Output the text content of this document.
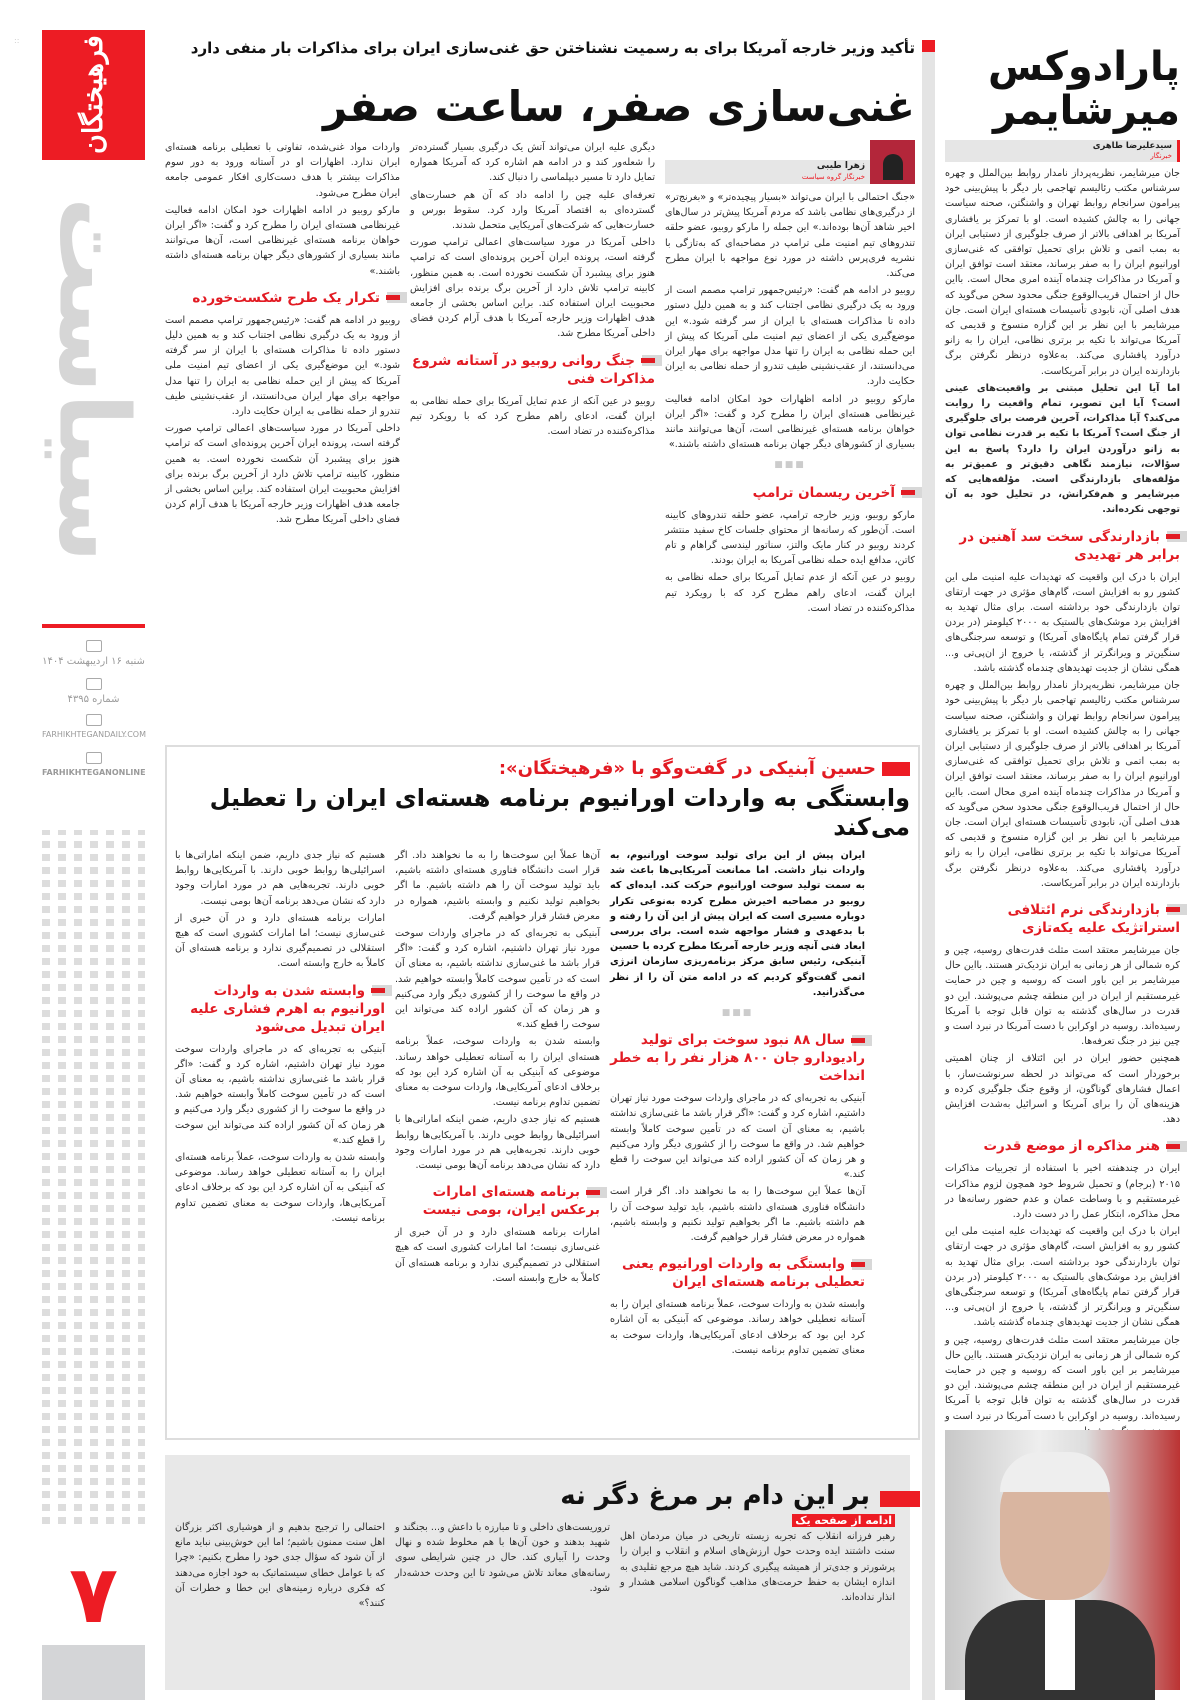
::	فرهیختگان
سیاست
شنبه ۱۶ اردیبهشت ۱۴۰۴
شماره ۴۳۹۵
FARHIKHTEGANDAILY.COM
FARHIKHTEGANONLINE
۷
تأکید وزیر خارجه آمریکا برای به رسمیت نشناختن حق غنی‌سازی ایران برای مذاکرات بار منفی دارد
غنی‌سازی صفر، ساعت صفر
زهرا طیبی
خبرنگار گروه سیاست

«جنگ احتمالی با ایران می‌تواند «بسیار پیچیده‌تر» و «بغرنج‌تر» از درگیری‌های نظامی باشد که مردم آمریکا پیش‌تر در سال‌های اخیر شاهد آن‌ها بوده‌اند.» این جمله را مارکو روبیو، عضو حلقه تندروهای تیم امنیت ملی ترامپ در مصاحبه‌ای که به‌تازگی با نشریه فری‌پرس داشته در مورد نوع مواجهه با ایران مطرح می‌کند.

روبیو در ادامه هم گفت: «رئیس‌جمهور ترامپ مصمم است از ورود به یک درگیری نظامی اجتناب کند و به همین دلیل دستور داده تا مذاکرات هسته‌ای با ایران از سر گرفته شود.» این موضع‌گیری یکی از اعضای تیم امنیت ملی آمریکا که پیش از این حمله نظامی به ایران را تنها مدل مواجهه برای مهار ایران می‌دانستند، از عقب‌نشینی طیف تندرو از حمله نظامی به ایران حکایت دارد.

مارکو روبیو در ادامه اظهارات خود امکان ادامه فعالیت غیرنظامی هسته‌ای ایران را مطرح کرد و گفت: «اگر ایران خواهان برنامه هسته‌ای غیرنظامی است، آن‌ها می‌توانند مانند بسیاری از کشورهای دیگر جهان برنامه هسته‌ای داشته باشند.»

■■■
آخرین ریسمان ترامپ

مارکو روبیو، وزیر خارجه ترامپ، عضو حلقه تندروهای کابینه است. آن‌طور که رسانه‌ها از محتوای جلسات کاخ سفید منتشر کردند روبیو در کنار مایک والتز، سناتور لیندسی گراهام و تام کاتن، مدافع ایده حمله نظامی آمریکا به ایران بودند.

روبیو در عین آنکه از عدم تمایل آمریکا برای حمله نظامی به ایران گفت، ادعای راهم مطرح کرد که با رویکرد تیم مذاکره‌کننده در تضاد است.

دیگری علیه ایران می‌تواند آتش یک درگیری بسیار گسترده‌تر را شعله‌ور کند و در ادامه هم اشاره کرد که آمریکا همواره تمایل دارد تا مسیر دیپلماسی را دنبال کند.

تعرفه‌ای علیه چین را ادامه داد که آن هم خسارت‌های گسترده‌ای به اقتصاد آمریکا وارد کرد. سقوط بورس و خسارت‌هایی که شرکت‌های آمریکایی متحمل شدند.

داخلی آمریکا در مورد سیاست‌های اعمالی ترامپ صورت گرفته است، پرونده ایران آخرین پرونده‌ای است که ترامپ هنوز برای پیشبرد آن شکست نخورده است. به همین منظور، کابینه ترامپ تلاش دارد از آخرین برگ برنده برای افزایش محبوبیت ایران استفاده کند. براین اساس بخشی از جامعه هدف اظهارات وزیر خارجه آمریکا با هدف آرام کردن فضای داخلی آمریکا مطرح شد.

جنگ روانی روبیو در آستانه شروع مذاکرات فنی

روبیو در عین آنکه از عدم تمایل آمریکا برای حمله نظامی به ایران گفت، ادعای راهم مطرح کرد که با رویکرد تیم مذاکره‌کننده در تضاد است.

واردات مواد غنی‌شده، تفاوتی با تعطیلی برنامه هسته‌ای ایران ندارد. اظهارات او در آستانه ورود به دور سوم مذاکرات بیشتر با هدف دست‌کاری افکار عمومی جامعه ایران مطرح می‌شود.

مارکو روبیو در ادامه اظهارات خود امکان ادامه فعالیت غیرنظامی هسته‌ای ایران را مطرح کرد و گفت: «اگر ایران خواهان برنامه هسته‌ای غیرنظامی است، آن‌ها می‌توانند مانند بسیاری از کشورهای دیگر جهان برنامه هسته‌ای داشته باشند.»

تکرار یک طرح شکست‌خورده

روبیو در ادامه هم گفت: «رئیس‌جمهور ترامپ مصمم است از ورود به یک درگیری نظامی اجتناب کند و به همین دلیل دستور داده تا مذاکرات هسته‌ای با ایران از سر گرفته شود.» این موضع‌گیری یکی از اعضای تیم امنیت ملی آمریکا که پیش از این حمله نظامی به ایران را تنها مدل مواجهه برای مهار ایران می‌دانستند، از عقب‌نشینی طیف تندرو از حمله نظامی به ایران حکایت دارد.

داخلی آمریکا در مورد سیاست‌های اعمالی ترامپ صورت گرفته است، پرونده ایران آخرین پرونده‌ای است که ترامپ هنوز برای پیشبرد آن شکست نخورده است. به همین منظور، کابینه ترامپ تلاش دارد از آخرین برگ برنده برای افزایش محبوبیت ایران استفاده کند. براین اساس بخشی از جامعه هدف اظهارات وزیر خارجه آمریکا با هدف آرام کردن فضای داخلی آمریکا مطرح شد.

حسین آبنیکی در گفت‌وگو با «فرهیختگان»:
وابستگی به واردات اورانیوم برنامه هسته‌ای ایران را تعطیل می‌کند

ایران پیش از این برای تولید سوخت اورانیوم، به واردات نیاز داشت. اما ممانعت آمریکایی‌ها باعث شد به سمت تولید سوخت اورانیوم حرکت کند. ایده‌ای که روبیو در مصاحبه اخیرش مطرح کرده به‌نوعی تکرار دوباره مسیری است که ایران پیش از این آن را رفته و با بدعهدی و فشار مواجهه شده است. برای بررسی ابعاد فنی آنچه وزیر خارجه آمریکا مطرح کرده با حسین آبنیکی، رئیس سابق مرکز برنامه‌ریزی سازمان انرژی اتمی گفت‌وگو کردیم که در ادامه متن آن را از نظر می‌گذرانید.

■■■
سال ۸۸ نبود سوخت برای تولید رادیودارو جان ۸۰۰ هزار نفر را به خطر انداخت

آبنیکی به تجربه‌ای که در ماجرای واردات سوخت مورد نیاز تهران داشتیم، اشاره کرد و گفت: «اگر قرار باشد ما غنی‌سازی نداشته باشیم، به معنای آن است که در تأمین سوخت کاملاً وابسته خواهیم شد. در واقع ما سوخت را از کشوری دیگر وارد می‌کنیم و هر زمان که آن کشور اراده کند می‌تواند این سوخت را قطع کند.»

آن‌ها عملاً این سوخت‌ها را به ما نخواهند داد. اگر قرار است دانشگاه فناوری هسته‌ای داشته باشیم، باید تولید سوخت آن را هم داشته باشیم. ما اگر بخواهیم تولید نکنیم و وابسته باشیم، همواره در معرض فشار قرار خواهیم گرفت.

وابستگی به واردات اورانیوم یعنی تعطیلی برنامه هسته‌ای ایران

وابسته شدن به واردات سوخت، عملاً برنامه هسته‌ای ایران را به آستانه تعطیلی خواهد رساند. موضوعی که آبنیکی به آن اشاره کرد این بود که برخلاف ادعای آمریکایی‌ها، واردات سوخت به معنای تضمین تداوم برنامه نیست.

آن‌ها عملاً این سوخت‌ها را به ما نخواهند داد. اگر قرار است دانشگاه فناوری هسته‌ای داشته باشیم، باید تولید سوخت آن را هم داشته باشیم. ما اگر بخواهیم تولید نکنیم و وابسته باشیم، همواره در معرض فشار قرار خواهیم گرفت.

آبنیکی به تجربه‌ای که در ماجرای واردات سوخت مورد نیاز تهران داشتیم، اشاره کرد و گفت: «اگر قرار باشد ما غنی‌سازی نداشته باشیم، به معنای آن است که در تأمین سوخت کاملاً وابسته خواهیم شد. در واقع ما سوخت را از کشوری دیگر وارد می‌کنیم و هر زمان که آن کشور اراده کند می‌تواند این سوخت را قطع کند.»

وابسته شدن به واردات سوخت، عملاً برنامه هسته‌ای ایران را به آستانه تعطیلی خواهد رساند. موضوعی که آبنیکی به آن اشاره کرد این بود که برخلاف ادعای آمریکایی‌ها، واردات سوخت به معنای تضمین تداوم برنامه نیست.

هستیم که نیاز جدی داریم، ضمن اینکه اماراتی‌ها با اسرائیلی‌ها روابط خوبی دارند. با آمریکایی‌ها روابط خوبی دارند. تجربه‌هایی هم در مورد امارات وجود دارد که نشان می‌دهد برنامه آن‌ها بومی نیست.

برنامه هسته‌ای امارات برعکس ایران، بومی نیست

امارات برنامه هسته‌ای دارد و در آن خبری از غنی‌سازی نیست؛ اما امارات کشوری است که هیچ استقلالی در تصمیم‌گیری ندارد و برنامه هسته‌ای آن کاملاً به خارج وابسته است.

هستیم که نیاز جدی داریم، ضمن اینکه اماراتی‌ها با اسرائیلی‌ها روابط خوبی دارند. با آمریکایی‌ها روابط خوبی دارند. تجربه‌هایی هم در مورد امارات وجود دارد که نشان می‌دهد برنامه آن‌ها بومی نیست.

امارات برنامه هسته‌ای دارد و در آن خبری از غنی‌سازی نیست؛ اما امارات کشوری است که هیچ استقلالی در تصمیم‌گیری ندارد و برنامه هسته‌ای آن کاملاً به خارج وابسته است.

وابسته شدن به واردات اورانیوم به اهرم فشاری علیه ایران تبدیل می‌شود

آبنیکی به تجربه‌ای که در ماجرای واردات سوخت مورد نیاز تهران داشتیم، اشاره کرد و گفت: «اگر قرار باشد ما غنی‌سازی نداشته باشیم، به معنای آن است که در تأمین سوخت کاملاً وابسته خواهیم شد. در واقع ما سوخت را از کشوری دیگر وارد می‌کنیم و هر زمان که آن کشور اراده کند می‌تواند این سوخت را قطع کند.»

وابسته شدن به واردات سوخت، عملاً برنامه هسته‌ای ایران را به آستانه تعطیلی خواهد رساند. موضوعی که آبنیکی به آن اشاره کرد این بود که برخلاف ادعای آمریکایی‌ها، واردات سوخت به معنای تضمین تداوم برنامه نیست.

بر این دام بر مرغ دگر نه
ادامه از صفحه یک

رهبر فرزانه انقلاب که تجربه زیسته تاریخی در میان مردمان اهل سنت داشتند ایده وحدت حول ارزش‌های اسلام و انقلاب و ایران را پرشورتر و جدی‌تر از همیشه پیگیری کردند. شاید هیچ مرجع تقلیدی به اندازه ایشان به حفظ حرمت‌های مذاهب گوناگون اسلامی هشدار و انذار نداده‌اند.

تروریست‌های داخلی و تا مبارزه با داعش و... بجنگند و شهید بدهند و خون آن‌ها با هم مخلوط شده و نهال وحدت را آبیاری کند. حال در چنین شرایطی سوی رسانه‌های معاند تلاش می‌شود تا این وحدت خدشه‌دار شود.

احتمالی را ترجیح بدهیم و از هوشیاری اکثر بزرگان اهل سنت ممنون باشیم؛ اما این خوش‌بینی نباید مانع از آن شود که سؤال جدی خود را مطرح بکنیم: «چرا که با عوامل خطای سیستماتیک به خود اجازه می‌دهند که فکری درباره زمینه‌های این خطا و خطرات آن کنند؟»

پارادوکس میرشایمر
سیدعلیرضا طاهری
خبرنگار

جان میرشایمر، نظریه‌پرداز نامدار روابط بین‌الملل و چهره سرشناس مکتب رئالیسم تهاجمی بار دیگر با پیش‌بینی خود پیرامون سرانجام روابط تهران و واشنگتن، صحنه سیاست جهانی را به چالش کشیده است. او با تمرکز بر یافشاری آمریکا بر اهدافی بالاتر از صرف جلوگیری از دستیابی ایران به بمب اتمی و تلاش برای تحمیل توافقی که غنی‌سازی اورانیوم ایران را به صفر برساند، معتقد است توافق ایران و آمریکا در مذاکرات چندماه آینده امری محال است. بااین حال از احتمال قریب‌الوقوع جنگی محدود سخن می‌گوید که هدف اصلی آن، نابودی تأسیسات هسته‌ای ایران است. جان میرشایمر با این نظر بر این گزاره منسوخ و قدیمی که آمریکا می‌تواند با تکیه بر برتری نظامی، ایران را به زانو درآورد پافشاری می‌کند. به‌علاوه درنظر نگرفتن برگ بازدارنده ایران در برابر آمریکاست.

اما آیا این تحلیل مبتنی بر واقعیت‌های عینی است؟ آیا این تصویر، تمام واقعیت را روایت می‌کند؟ آیا مذاکرات، آخرین فرصت برای جلوگیری از جنگ است؟ آمریکا با تکیه بر قدرت نظامی توان به زانو درآوردن ایران را دارد؟ پاسخ به این سؤالات، نیازمند نگاهی دقیق‌تر و عمیق‌تر به مؤلفه‌های بازدارندگی است. مؤلفه‌هایی که میرشایمر و هم‌فکرانش، در تحلیل خود به آن توجهی نکرده‌اند.

بازدارندگی سخت سد آهنین در برابر هر تهدیدی

ایران با درک این واقعیت که تهدیدات علیه امنیت ملی این کشور رو به افزایش است، گام‌های مؤثری در جهت ارتقای توان بازدارندگی خود برداشته است. برای مثال تهدید به افزایش برد موشک‌های بالستیک به ۲۰۰۰ کیلومتر (در بردن قرار گرفتن تمام پایگاه‌های آمریکا) و توسعه سرجنگی‌های سنگین‌تر و ویرانگرتر از گذشته، یا خروج از ان‌پی‌تی و... همگی نشان از جدیت تهدیدهای چندماه گذشته باشد.

جان میرشایمر، نظریه‌پرداز نامدار روابط بین‌الملل و چهره سرشناس مکتب رئالیسم تهاجمی بار دیگر با پیش‌بینی خود پیرامون سرانجام روابط تهران و واشنگتن، صحنه سیاست جهانی را به چالش کشیده است. او با تمرکز بر یافشاری آمریکا بر اهدافی بالاتر از صرف جلوگیری از دستیابی ایران به بمب اتمی و تلاش برای تحمیل توافقی که غنی‌سازی اورانیوم ایران را به صفر برساند، معتقد است توافق ایران و آمریکا در مذاکرات چندماه آینده امری محال است. بااین حال از احتمال قریب‌الوقوع جنگی محدود سخن می‌گوید که هدف اصلی آن، نابودی تأسیسات هسته‌ای ایران است. جان میرشایمر با این نظر بر این گزاره منسوخ و قدیمی که آمریکا می‌تواند با تکیه بر برتری نظامی، ایران را به زانو درآورد پافشاری می‌کند. به‌علاوه درنظر نگرفتن برگ بازدارنده ایران در برابر آمریکاست.

بازدارندگی نرم ائتلافی استراتژیک علیه یکه‌تازی

جان میرشایمر معتقد است مثلث قدرت‌های روسیه، چین و کره شمالی از هر زمانی به ایران نزدیک‌تر هستند. بااین حال میرشایمر بر این باور است که روسیه و چین در حمایت غیرمستقیم از ایران در این منطقه چشم می‌پوشند. این دو قدرت در سال‌های گذشته به توان قابل توجه با آمریکا رسیده‌اند. روسیه در اوکراین با دست آمریکا در نبرد است و چین نیز در جنگ تعرفه‌ها.

همچنین حضور ایران در این ائتلاف از چنان اهمیتی برخوردار است که می‌تواند در لحظه سرنوشت‌ساز، با اعمال فشارهای گوناگون، از وقوع جنگ جلوگیری کرده و هزینه‌های آن را برای آمریکا و اسرائیل به‌شدت افزایش دهد.

هنر مذاکره از موضع قدرت

ایران در چندهفته اخیر با استفاده از تجربیات مذاکرات ۲۰۱۵ (برجام) و تحمیل شروط خود همچون لزوم مذاکرات غیرمستقیم و با وساطت عمان و عدم حضور رسانه‌ها در محل مذاکره، ابتکار عمل را در دست دارد.

ایران با درک این واقعیت که تهدیدات علیه امنیت ملی این کشور رو به افزایش است، گام‌های مؤثری در جهت ارتقای توان بازدارندگی خود برداشته است. برای مثال تهدید به افزایش برد موشک‌های بالستیک به ۲۰۰۰ کیلومتر (در بردن قرار گرفتن تمام پایگاه‌های آمریکا) و توسعه سرجنگی‌های سنگین‌تر و ویرانگرتر از گذشته، یا خروج از ان‌پی‌تی و... همگی نشان از جدیت تهدیدهای چندماه گذشته باشد.

جان میرشایمر معتقد است مثلث قدرت‌های روسیه، چین و کره شمالی از هر زمانی به ایران نزدیک‌تر هستند. بااین حال میرشایمر بر این باور است که روسیه و چین در حمایت غیرمستقیم از ایران در این منطقه چشم می‌پوشند. این دو قدرت در سال‌های گذشته به توان قابل توجه با آمریکا رسیده‌اند. روسیه در اوکراین با دست آمریکا در نبرد است و
